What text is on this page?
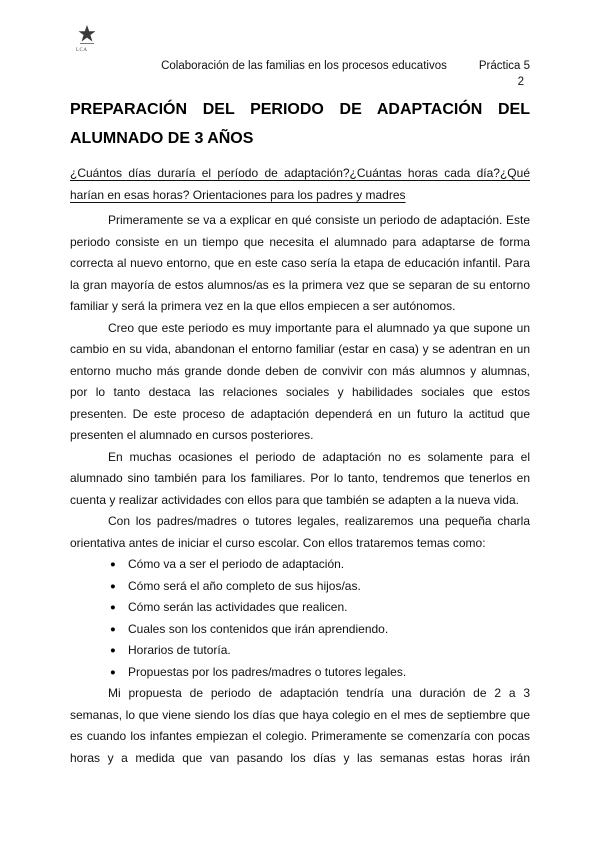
LCA
Colaboración de las familias en los procesos educativos	Práctica 5
2
PREPARACIÓN DEL PERIODO DE ADAPTACIÓN DEL
ALUMNADO DE 3 AÑOS
¿Cuántos días duraría el período de adaptación?¿Cuántas horas cada día?¿Qué harían en esas horas? Orientaciones para los padres y madres

Primeramente se va a explicar en qué consiste un periodo de adaptación. Este periodo consiste en un tiempo que necesita el alumnado para adaptarse de forma correcta al nuevo entorno, que en este caso sería la etapa de educación infantil. Para la gran mayoría de estos alumnos/as es la primera vez que se separan de su entorno familiar y será la primera vez en la que ellos empiecen a ser autónomos.

Creo que este periodo es muy importante para el alumnado ya que supone un cambio en su vida, abandonan el entorno familiar (estar en casa) y se adentran en un entorno mucho más grande donde deben de convivir con más alumnos y alumnas, por lo tanto destaca las relaciones sociales y habilidades sociales que estos presenten. De este proceso de adaptación dependerá en un futuro la actitud que presenten el alumnado en cursos posteriores.

En muchas ocasiones el periodo de adaptación no es solamente para el alumnado sino también para los familiares. Por lo tanto, tendremos que tenerlos en cuenta y realizar actividades con ellos para que también se adapten a la nueva vida.

Con los padres/madres o tutores legales, realizaremos una pequeña charla orientativa antes de iniciar el curso escolar. Con ellos trataremos temas como:

● Cómo va a ser el periodo de adaptación.
● Cómo será el año completo de sus hijos/as.
● Cómo serán las actividades que realicen.
● Cuales son los contenidos que irán aprendiendo.
● Horarios de tutoría.
● Propuestas por los padres/madres o tutores legales.

Mi propuesta de periodo de adaptación tendría una duración de 2 a 3 semanas, lo que viene siendo los días que haya colegio en el mes de septiembre que es cuando los infantes empiezan el colegio. Primeramente se comenzaría con pocas horas y a medida que van pasando los días y las semanas estas horas irán
